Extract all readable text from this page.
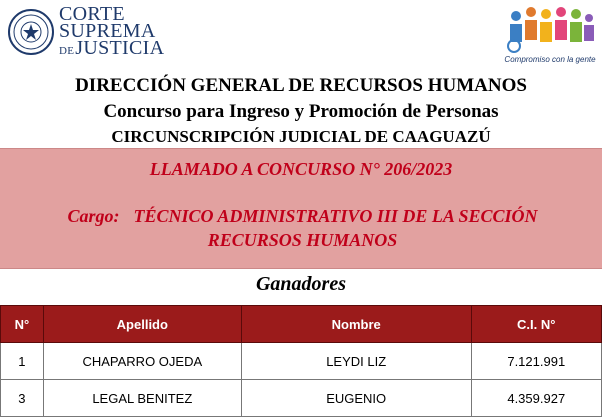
CORTE
SUPREMA
DEJUSTICIA
Compromiso con la gente
DIRECCIÓN GENERAL DE RECURSOS HUMANOS
Concurso para Ingreso y Promoción de Personas
CIRCUNSCRIPCIÓN JUDICIAL DE CAAGUAZÚ
LLAMADO A CONCURSO N° 206/2023
Cargo: TÉCNICO ADMINISTRATIVO III DE LA SECCIÓN RECURSOS HUMANOS
Ganadores
N°	Apellido	Nombre	C.I. N°
1	CHAPARRO OJEDA	LEYDI LIZ	7.121.991
3	LEGAL BENITEZ	EUGENIO	4.359.927
